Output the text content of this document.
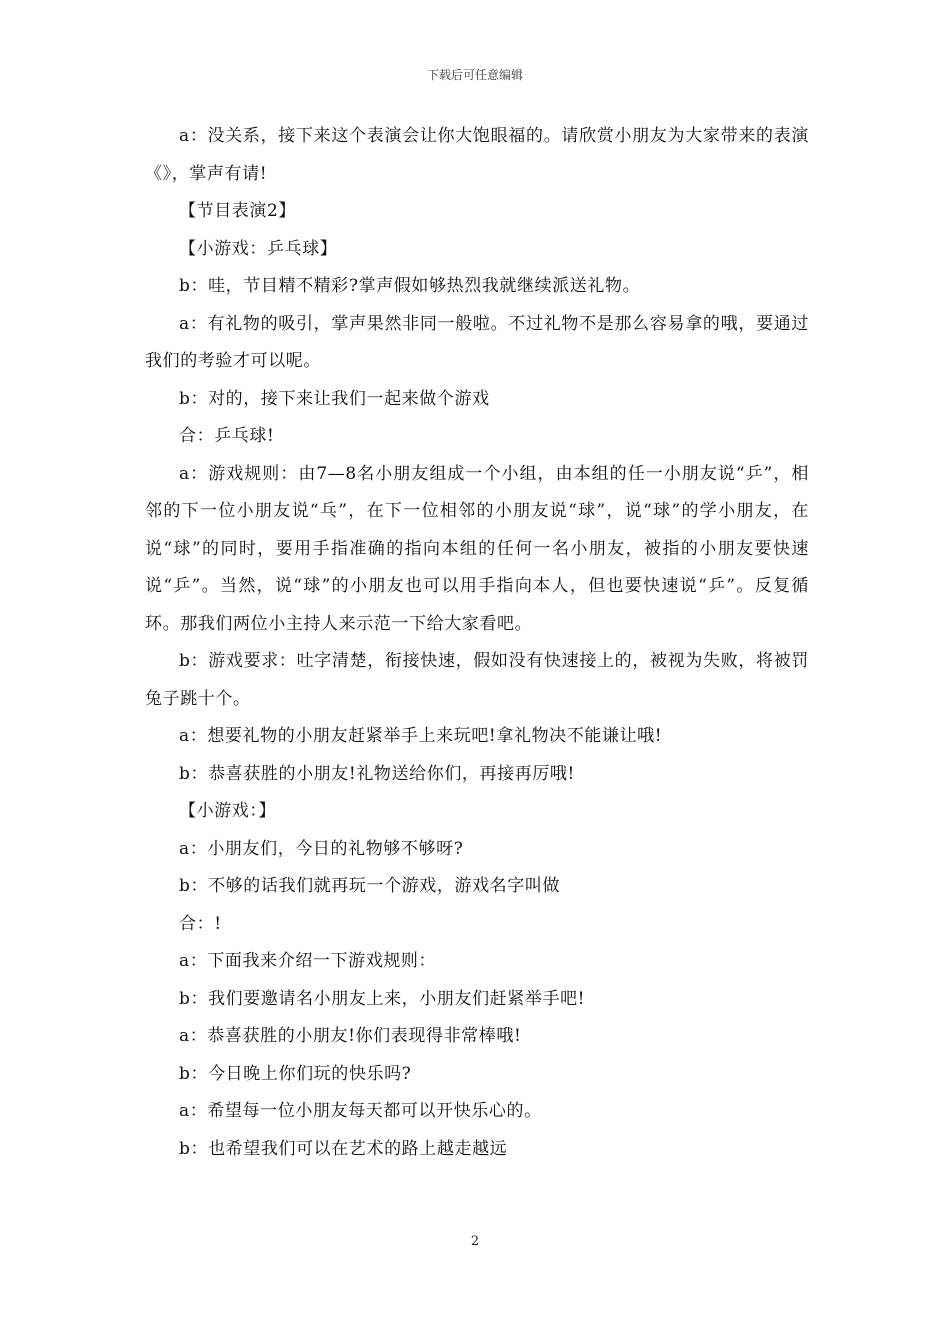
下载后可任意编辑

a：没关系，接下来这个表演会让你大饱眼福的。请欣赏小朋友为大家带来的表演《》，掌声有请!

【节目表演2】

【小游戏：乒乓球】

b：哇，节目精不精彩?掌声假如够热烈我就继续派送礼物。

a：有礼物的吸引，掌声果然非同一般啦。不过礼物不是那么容易拿的哦，要通过我们的考验才可以呢。

b：对的，接下来让我们一起来做个游戏

合：乒乓球!

a：游戏规则：由7—8名小朋友组成一个小组，由本组的任一小朋友说“乒”，相邻的下一位小朋友说“乓”，在下一位相邻的小朋友说“球”，说“球”的学小朋友，在说“球”的同时，要用手指准确的指向本组的任何一名小朋友，被指的小朋友要快速说“乒”。当然，说“球”的小朋友也可以用手指向本人，但也要快速说“乒”。反复循环。那我们两位小主持人来示范一下给大家看吧。

b：游戏要求：吐字清楚，衔接快速，假如没有快速接上的，被视为失败，将被罚兔子跳十个。

a：想要礼物的小朋友赶紧举手上来玩吧!拿礼物决不能谦让哦!

b：恭喜获胜的小朋友!礼物送给你们，再接再厉哦!

【小游戏：】

a：小朋友们，今日的礼物够不够呀?

b：不够的话我们就再玩一个游戏，游戏名字叫做

合：!

a：下面我来介绍一下游戏规则：

b：我们要邀请名小朋友上来，小朋友们赶紧举手吧!

a：恭喜获胜的小朋友!你们表现得非常棒哦!

b：今日晚上你们玩的快乐吗?

a：希望每一位小朋友每天都可以开快乐心的。

b：也希望我们可以在艺术的路上越走越远

2
